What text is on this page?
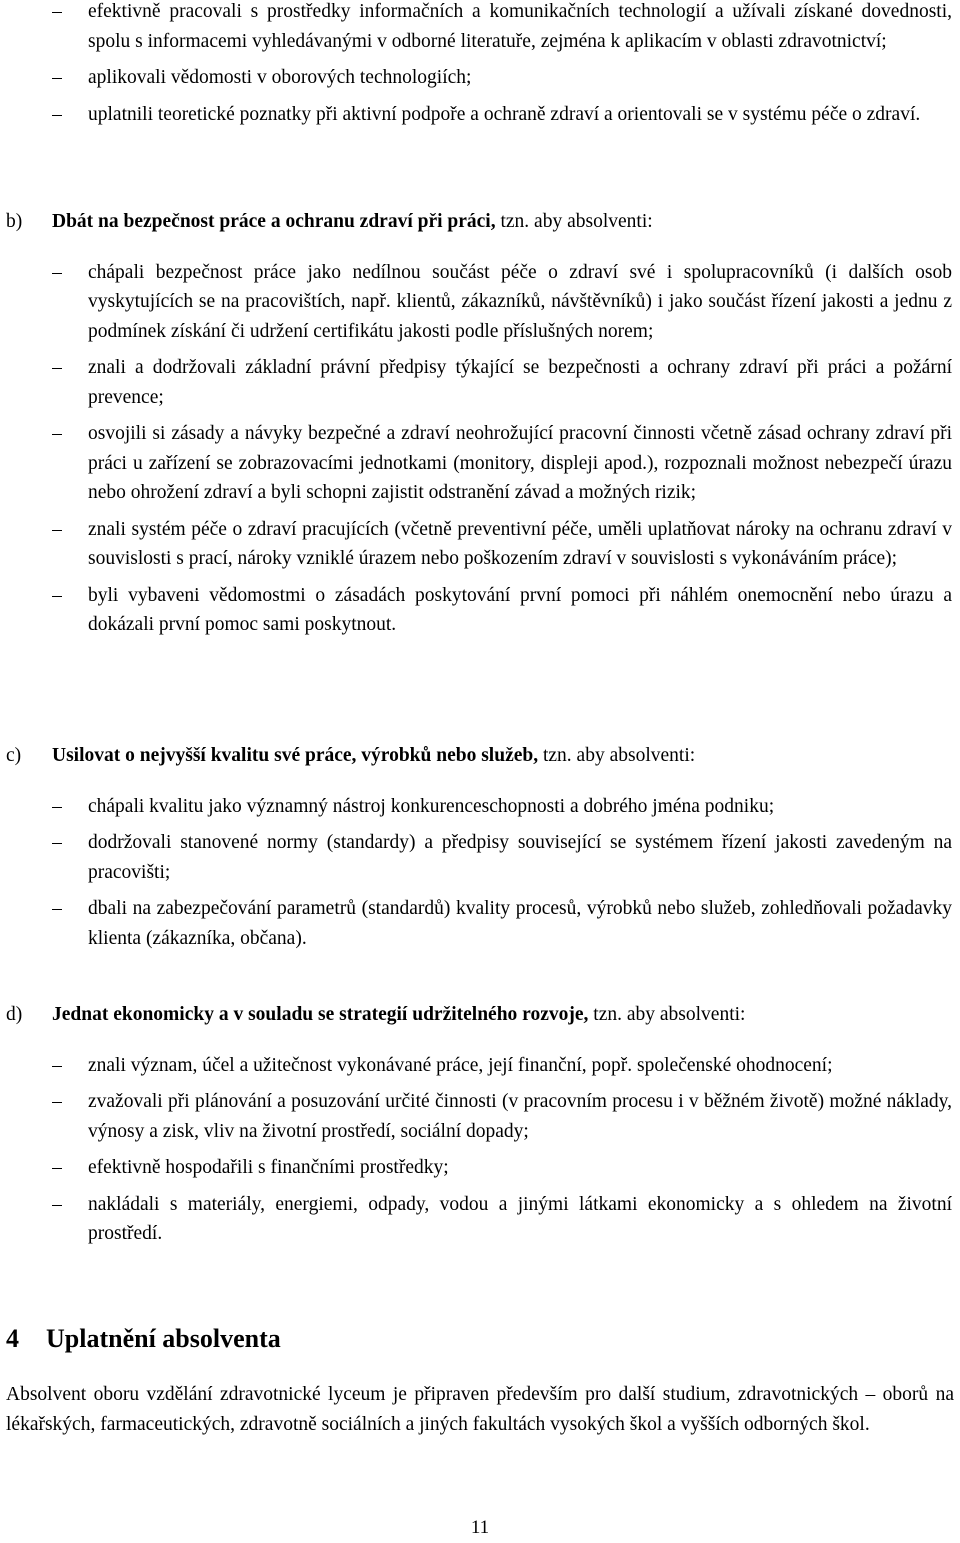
–	efektivně pracovali s prostředky informačních a komunikačních technologií a užívali získané dovednosti, spolu s informacemi vyhledávanými v odborné literatuře, zejména k aplikacím v oblasti zdravotnictví;

–	aplikovali vědomosti v oborových technologiích;

–	uplatnili teoretické poznatky při aktivní podpoře a ochraně zdraví a orientovali se v systému péče o zdraví.

b) Dbát na bezpečnost práce a ochranu zdraví při práci, tzn. aby absolventi:

–	chápali bezpečnost práce jako nedílnou součást péče o zdraví své i spolupracovníků (i dalších osob vyskytujících se na pracovištích, např. klientů, zákazníků, návštěvníků) i jako součást řízení jakosti a jednu z podmínek získání či udržení certifikátu jakosti podle příslušných norem;

–	znali a dodržovali základní právní předpisy týkající se bezpečnosti a ochrany zdraví při práci a požární prevence;

–	osvojili si zásady a návyky bezpečné a zdraví neohrožující pracovní činnosti včetně zásad ochrany zdraví při práci u zařízení se zobrazovacími jednotkami (monitory, displeji apod.), rozpoznali možnost nebezpečí úrazu nebo ohrožení zdraví a byli schopni zajistit odstranění závad a možných rizik;

–	znali systém péče o zdraví pracujících (včetně preventivní péče, uměli uplatňovat nároky na ochranu zdraví v souvislosti s prací, nároky vzniklé úrazem nebo poškozením zdraví v souvislosti s vykonáváním práce);

–	byli vybaveni vědomostmi o zásadách poskytování první pomoci při náhlém onemocnění nebo úrazu a dokázali první pomoc sami poskytnout.

c) Usilovat o nejvyšší kvalitu své práce, výrobků nebo služeb, tzn. aby absolventi:

–	chápali kvalitu jako významný nástroj konkurenceschopnosti a dobrého jména podniku;

–	dodržovali stanovené normy (standardy) a předpisy související se systémem řízení jakosti zavedeným na pracovišti;

–	dbali na zabezpečování parametrů (standardů) kvality procesů, výrobků nebo služeb, zohledňovali požadavky klienta (zákazníka, občana).

d) Jednat ekonomicky a v souladu se strategií udržitelného rozvoje, tzn. aby absolventi:

–	znali význam, účel a užitečnost vykonávané práce, její finanční, popř. společenské ohodnocení;

–	zvažovali při plánování a posuzování určité činnosti (v pracovním procesu i v běžném životě) možné náklady, výnosy a zisk, vliv na životní prostředí, sociální dopady;

–	efektivně hospodařili s finančními prostředky;

–	nakládali s materiály, energiemi, odpady, vodou a jinými látkami ekonomicky a s ohledem na životní prostředí.

4 Uplatnění absolventa

Absolvent oboru vzdělání zdravotnické lyceum je připraven především pro další studium, zdravotnických – oborů na lékařských, farmaceutických, zdravotně sociálních a jiných fakultách vysokých škol a vyšších odborných škol.

11
